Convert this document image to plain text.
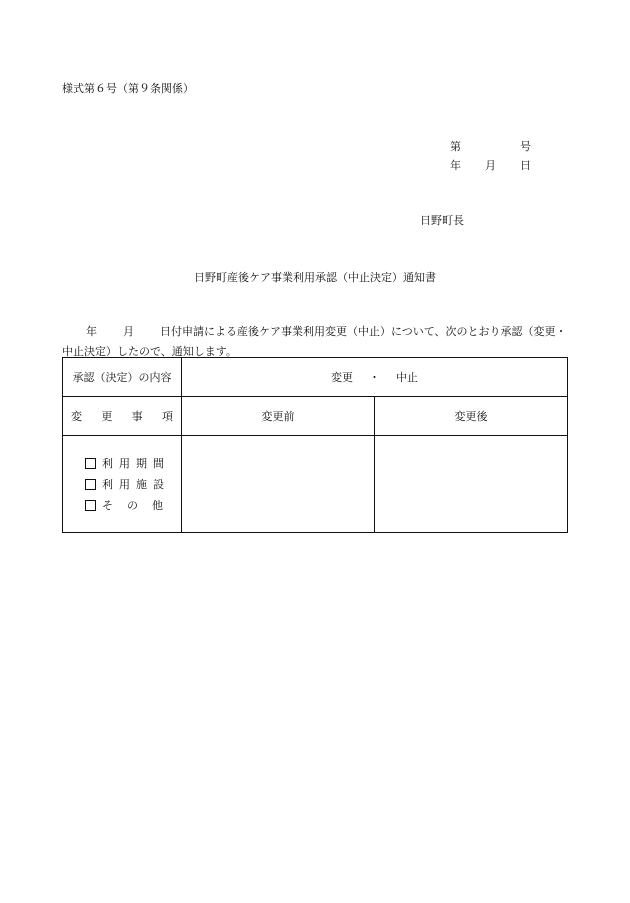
様式第６号（第９条関係）
第	号
年 月 日
日野町長
日野町産後ケア事業利用承認（中止決定）通知書
年 月 日付申請による産後ケア事業利用変更（中止）について、次のとおり承認（変更・中止決定）したので、通知します。
承認（決定）の内容	変更 ・ 中止	

変 更 事 項	変更前	変更後

利用期間
利用施設
その他		
